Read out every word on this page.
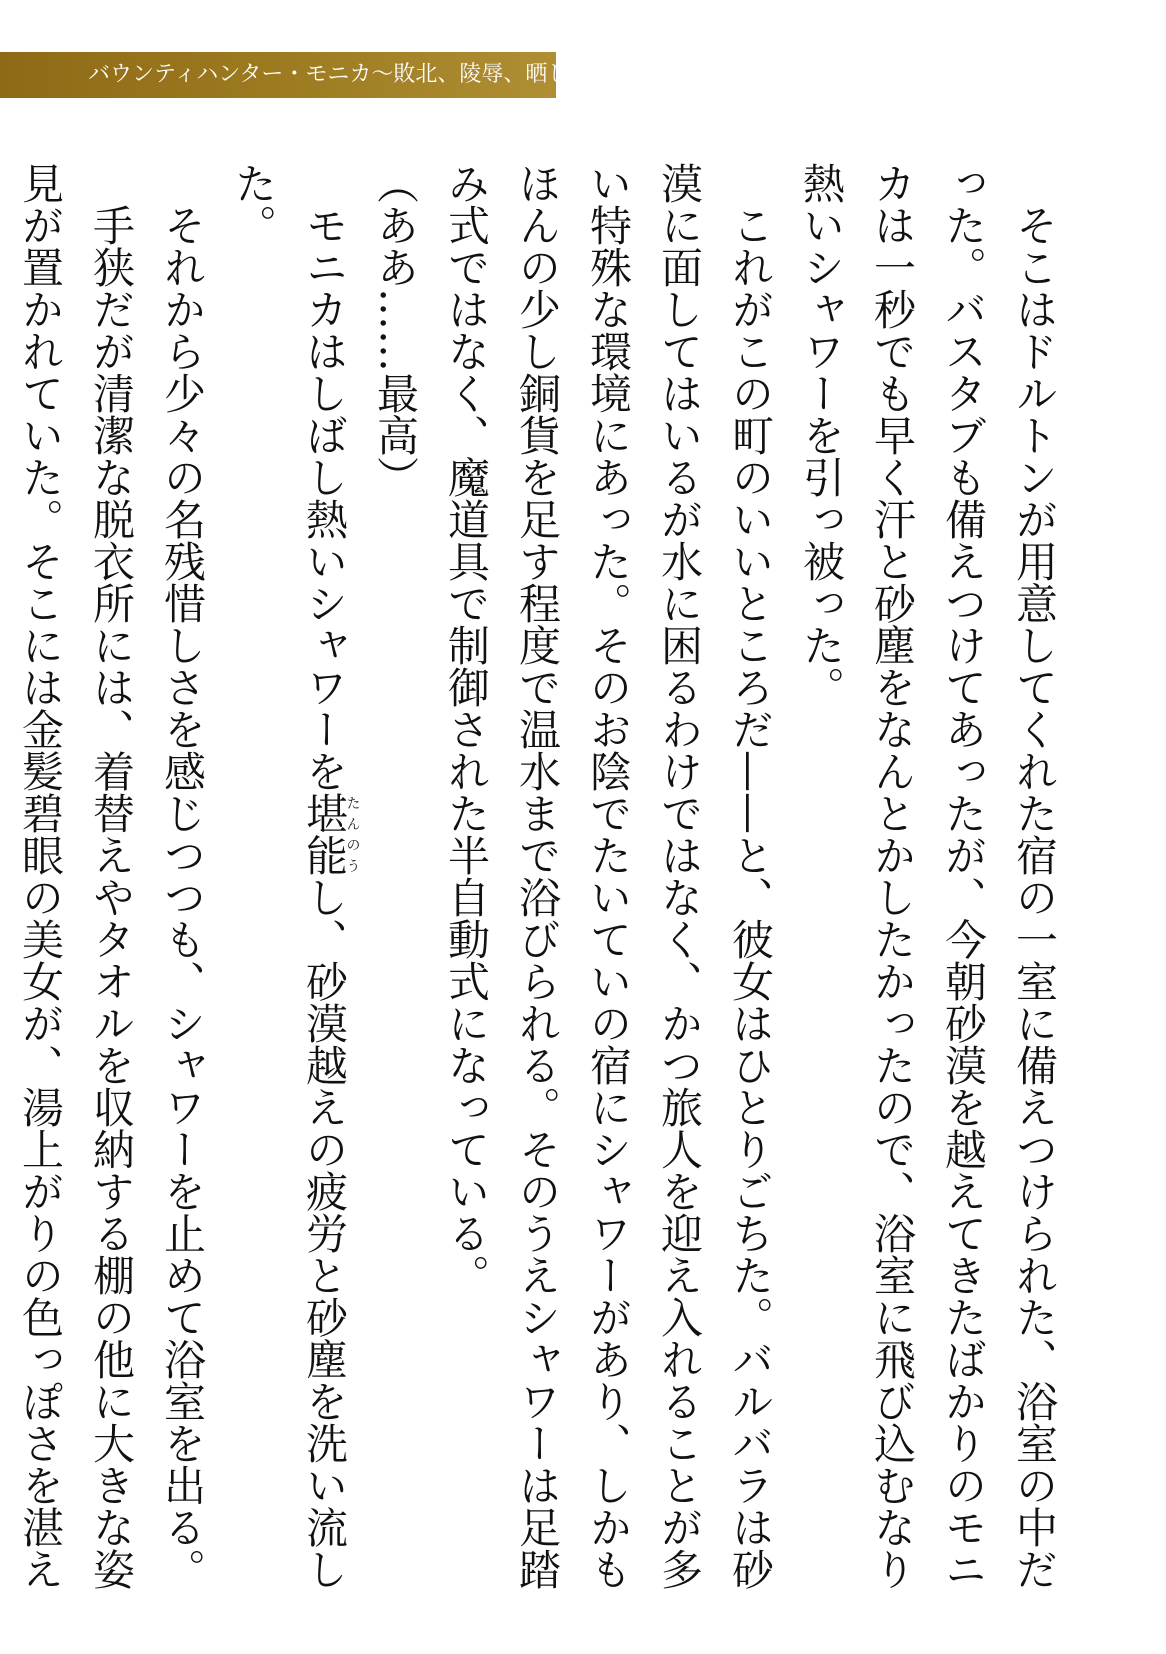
バウンティハンター・モニカ〜敗北、陵辱、晒し者〜

そこはドルトンが用意してくれた宿の一室に備えつけられた、浴室の中だった。バスタブも備えつけてあったが、今朝砂漠を越えてきたばかりのモニカは一秒でも早く汗と砂塵をなんとかしたかったので、浴室に飛び込むなり熱いシャワーを引っ被った。

これがこの町のいいところだ——と、彼女はひとりごちた。バルバラは砂漠に面してはいるが水に困るわけではなく、かつ旅人を迎え入れることが多い特殊な環境にあった。そのお陰でたいていの宿にシャワーがあり、しかもほんの少し銅貨を足す程度で温水まで浴びられる。そのうえシャワーは足踏み式ではなく、魔道具で制御された半自動式になっている。

（ああ……最高）

モニカはしばし熱いシャワーを堪能たんのうし、砂漠越えの疲労と砂塵を洗い流した。

それから少々の名残惜しさを感じつつも、シャワーを止めて浴室を出る。

手狭だが清潔な脱衣所には、着替えやタオルを収納する棚の他に大きな姿見が置かれていた。そこには金髪碧眼の美女が、湯上がりの色っぽさを湛え
